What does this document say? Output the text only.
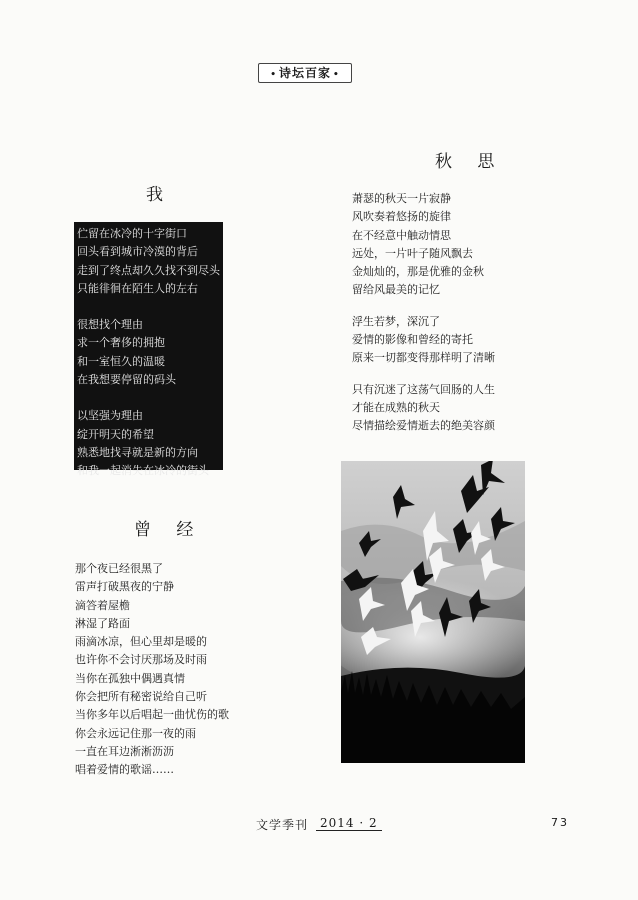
• 诗坛百家 •
我
伫留在冰冷的十字街口
回头看到城市冷漠的背后
走到了终点却久久找不到尽头
只能徘徊在陌生人的左右
很想找个理由
求一个奢侈的拥抱
和一室恒久的温暖
在我想要停留的码头
以坚强为理由
绽开明天的希望
熟悉地找寻就是新的方向
和我一起消失在冰冷的街头
曾 经
那个夜已经很黑了
雷声打破黑夜的宁静
滴答着屋檐
淋湿了路面
雨滴冰凉，但心里却是暖的
也许你不会讨厌那场及时雨
当你在孤独中偶遇真情
你会把所有秘密说给自己听
当你多年以后唱起一曲忧伤的歌
你会永远记住那一夜的雨
一直在耳边淅淅沥沥
唱着爱情的歌谣……
秋 思
萧瑟的秋天一片寂静
风吹奏着悠扬的旋律
在不经意中触动情思
远处，一片叶子随风飘去
金灿灿的，那是优雅的金秋
留给风最美的记忆
浮生若梦，深沉了
爱情的影像和曾经的寄托
原来一切都变得那样明了清晰
只有沉迷了这荡气回肠的人生
才能在成熟的秋天
尽情描绘爱情逝去的绝美容颜
文学季刊 2014 · 2	73
